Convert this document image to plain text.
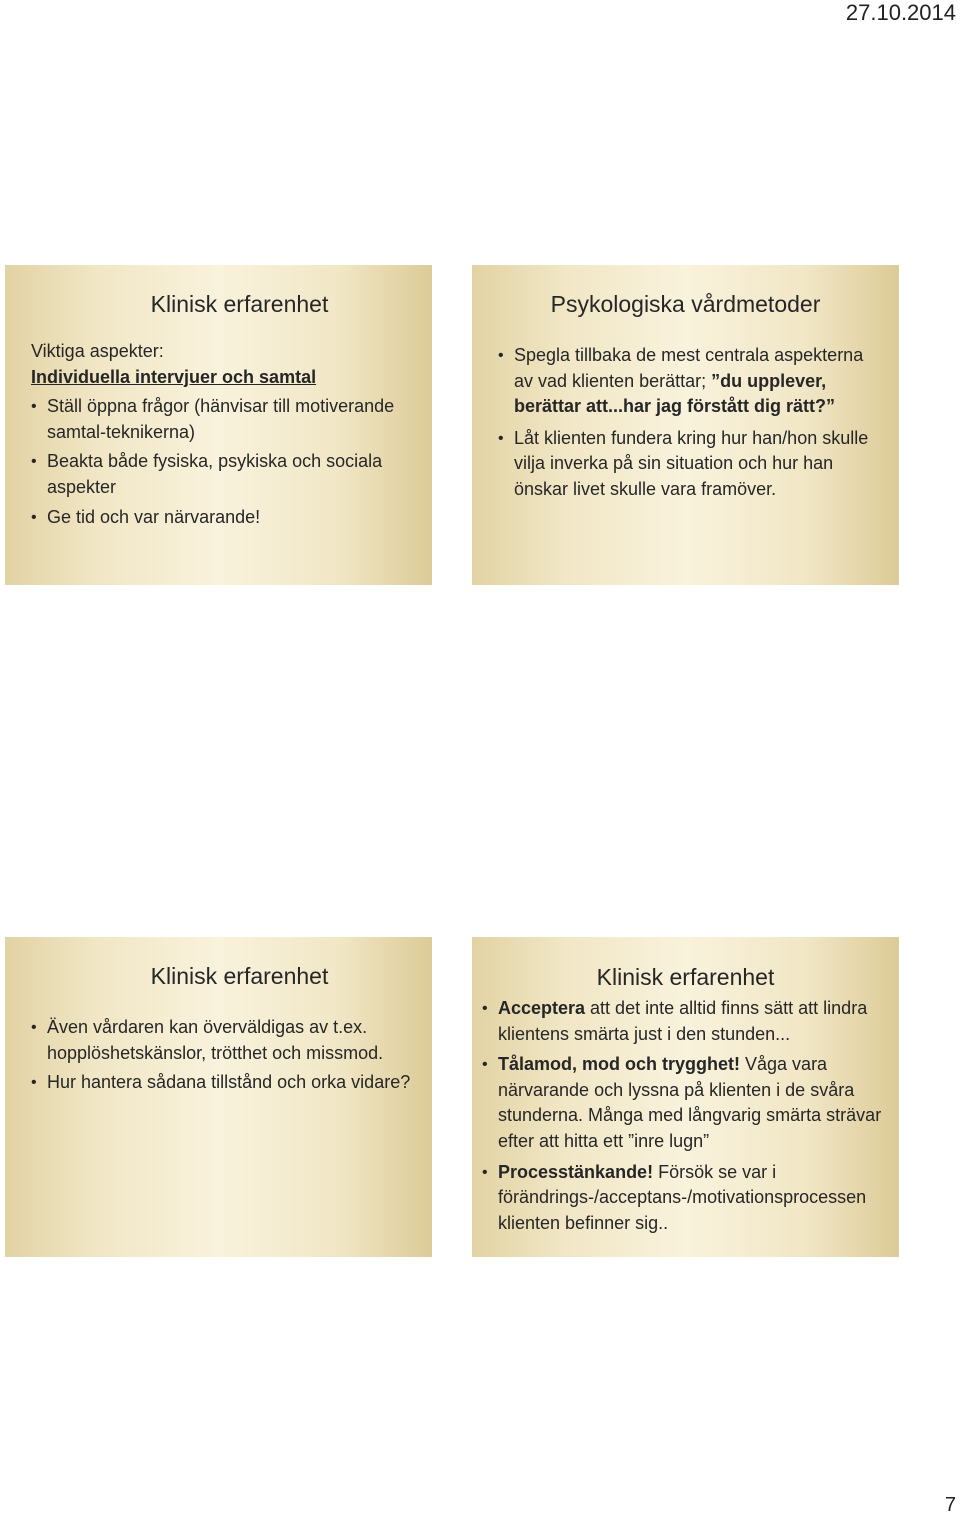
27.10.2014
Klinisk erfarenhet

Viktiga aspekter:

Individuella intervjuer och samtal

• Ställ öppna frågor (hänvisar till motiverande samtal-teknikerna)
• Beakta både fysiska, psykiska och sociala aspekter
• Ge tid och var närvarande!
Psykologiska vårdmetoder
• Spegla tillbaka de mest centrala aspekterna av vad klienten berättar; ”du upplever, berättar att...har jag förstått dig rätt?”
• Låt klienten fundera kring hur han/hon skulle vilja inverka på sin situation och hur han önskar livet skulle vara framöver.
Klinisk erfarenhet
• Även vårdaren kan överväldigas av t.ex. hopplöshetskänslor, trötthet och missmod.
• Hur hantera sådana tillstånd och orka vidare?
Klinisk erfarenhet
• Acceptera att det inte alltid finns sätt att lindra klientens smärta just i den stunden...
• Tålamod, mod och trygghet! Våga vara närvarande och lyssna på klienten i de svåra stunderna. Många med långvarig smärta strävar efter att hitta ett ”inre lugn”
• Processtänkande! Försök se var i förändrings-/acceptans-/motivationsprocessen klienten befinner sig..
7
